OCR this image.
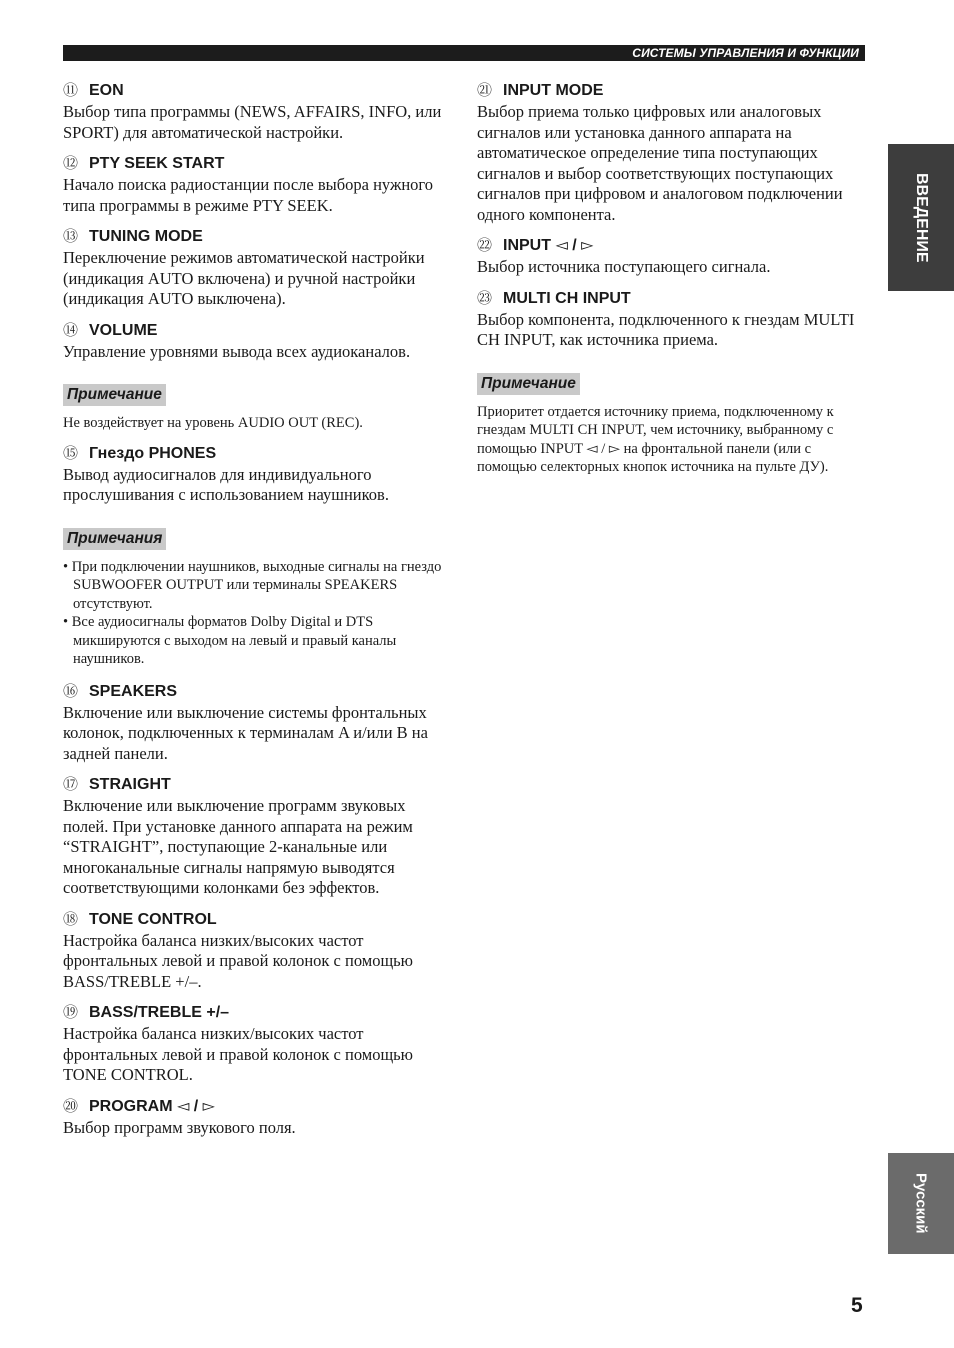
СИСТЕМЫ УПРАВЛЕНИЯ И ФУНКЦИИ
⑪ EON

Выбор типа программы (NEWS, AFFAIRS, INFO, или SPORT) для автоматической настройки.

⑫ PTY SEEK START

Начало поиска радиостанции после выбора нужного типа программы в режиме PTY SEEK.

⑬ TUNING MODE

Переключение режимов автоматической настройки (индикация AUTO включена) и ручной настройки (индикация AUTO выключена).

⑭ VOLUME

Управление уровнями вывода всех аудиоканалов.

Примечание

Не воздействует на уровень AUDIO OUT (REC).

⑮ Гнездо PHONES

Вывод аудиосигналов для индивидуального прослушивания с использованием наушников.

Примечания
• При подключении наушников, выходные сигналы на гнездо SUBWOOFER OUTPUT или терминалы SPEAKERS отсутствуют.
• Все аудиосигналы форматов Dolby Digital и DTS микшируются с выходом на левый и правый каналы наушников.
⑯ SPEAKERS

Включение или выключение системы фронтальных колонок, подключенных к терминалам A и/или B на задней панели.

⑰ STRAIGHT

Включение или выключение программ звуковых полей. При установке данного аппарата на режим “STRAIGHT”, поступающие 2-канальные или многоканальные сигналы напрямую выводятся соответствующими колонками без эффектов.

⑱ TONE CONTROL

Настройка баланса низких/высоких частот фронтальных левой и правой колонок с помощью BASS/TREBLE +/–.

⑲ BASS/TREBLE +/–

Настройка баланса низких/высоких частот фронтальных левой и правой колонок с помощью TONE CONTROL.

⑳ PROGRAM ◅ / ▻

Выбор программ звукового поля.

㉑ INPUT MODE

Выбор приема только цифровых или аналоговых сигналов или установка данного аппарата на автоматическое определение типа поступающих сигналов и выбор соответствующих поступающих сигналов при цифровом и аналоговом подключении одного компонента.

㉒ INPUT ◅ / ▻

Выбор источника поступающего сигнала.

㉓ MULTI CH INPUT

Выбор компонента, подключенного к гнездам MULTI CH INPUT, как источника приема.

Примечание

Приоритет отдается источнику приема, подключенному к гнездам MULTI CH INPUT, чем источнику, выбранному с помощью INPUT ◅ / ▻ на фронтальной панели (или с помощью селекторных кнопок источника на пульте ДУ).

ВВЕДЕНИЕ
Русский
5
